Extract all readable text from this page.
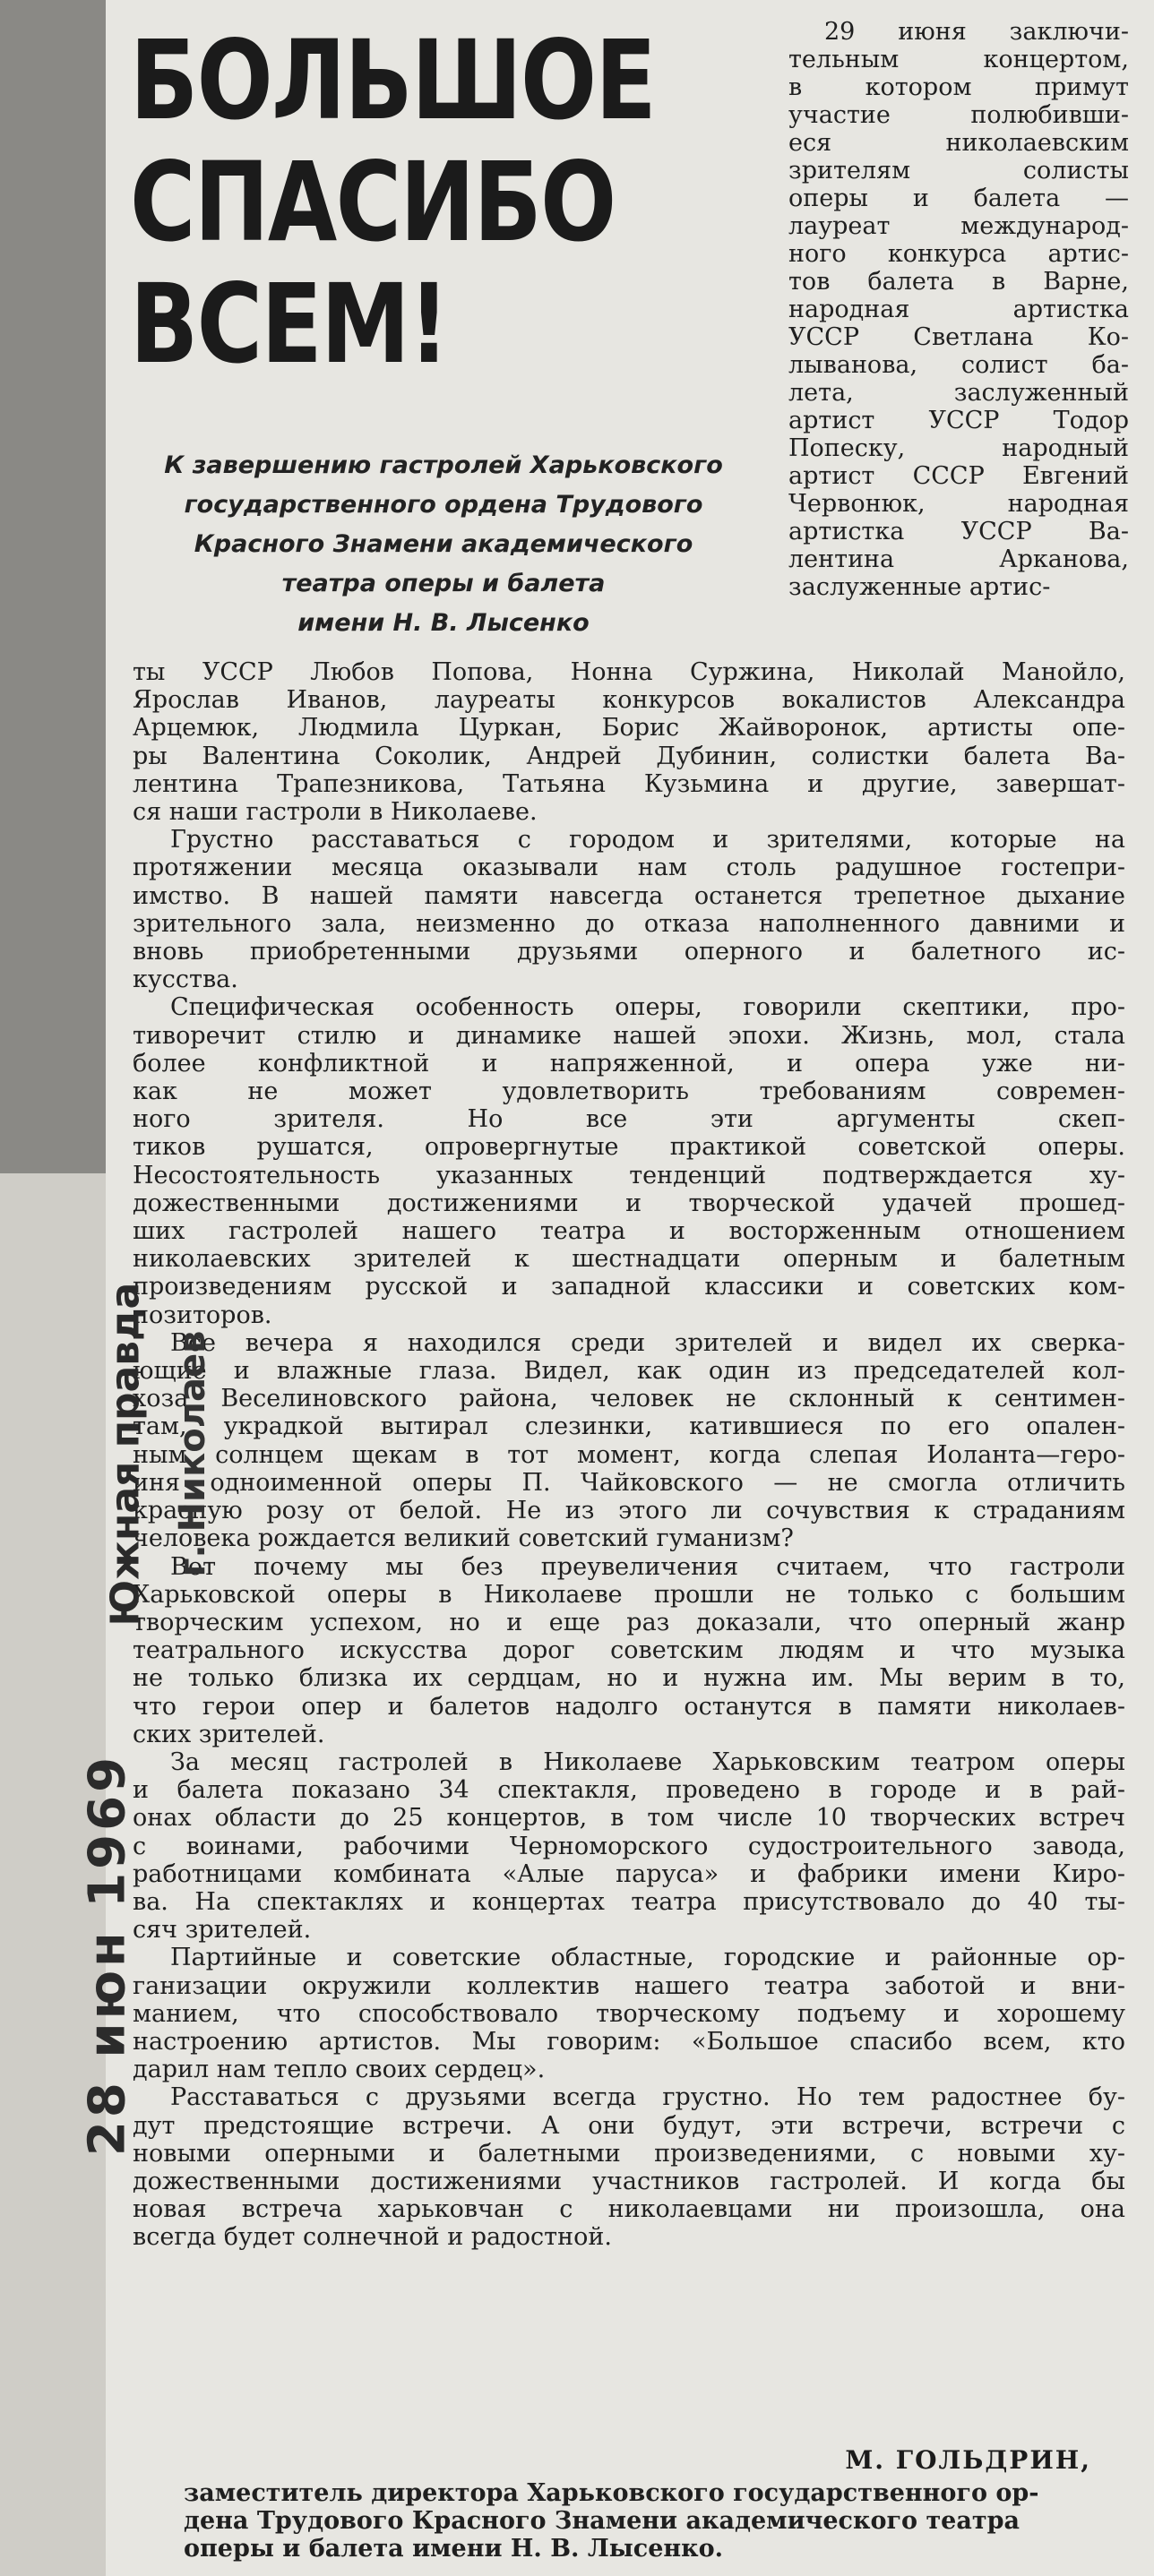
БОЛЬШОЕ
СПАСИБО
ВСЕМ!
К завершению гастролей Харьковского
государственного ордена Трудового
Красного Знамени академического
театра оперы и балета
имени Н. В. Лысенко
29 июня заключи-
тельным концертом,
в котором примут
участие полюбивши-
еся николаевским
зрителям солисты
оперы и балета —
лауреат международ-
ного конкурса артис-
тов балета в Варне,
народная артистка
УССР Светлана Ко-
лыванова, солист ба-
лета, заслуженный
артист УССР Тодор
Попеску, народный
артист СССР Евгений
Червонюк, народная
артистка УССР Ва-
лентина Арканова,
заслуженные артис-
ты УССР Любов Попова, Нонна Суржина, Николай Манойло,
Ярослав Иванов, лауреаты конкурсов вокалистов Александра
Арцемюк, Людмила Цуркан, Борис Жайворонок, артисты опе-
ры Валентина Соколик, Андрей Дубинин, солистки балета Ва-
лентина Трапезникова, Татьяна Кузьмина и другие, завершат-
ся наши гастроли в Николаеве.
Грустно расставаться с городом и зрителями, которые на
протяжении месяца оказывали нам столь радушное гостепри-
имство. В нашей памяти навсегда останется трепетное дыхание
зрительного зала, неизменно до отказа наполненного давними и
вновь приобретенными друзьями оперного и балетного ис-
кусства.
Специфическая особенность оперы, говорили скептики, про-
тиворечит стилю и динамике нашей эпохи. Жизнь, мол, стала
более конфликтной и напряженной, и опера уже ни-
как не может удовлетворить требованиям современ-
ного зрителя. Но все эти аргументы скеп-
тиков рушатся, опровергнутые практикой советской оперы.
Несостоятельность указанных тенденций подтверждается ху-
дожественными достижениями и творческой удачей прошед-
ших гастролей нашего театра и восторженным отношением
николаевских зрителей к шестнадцати оперным и балетным
произведениям русской и западной классики и советских ком-
позиторов.
Все вечера я находился среди зрителей и видел их сверка-
ющие и влажные глаза. Видел, как один из председателей кол-
хоза Веселиновского района, человек не склонный к сентимен-
там, украдкой вытирал слезинки, катившиеся по его опален-
ным солнцем щекам в тот момент, когда слепая Иоланта—геро-
иня одноименной оперы П. Чайковского — не смогла отличить
красную розу от белой. Не из этого ли сочувствия к страданиям
человека рождается великий советский гуманизм?
Вот почему мы без преувеличения считаем, что гастроли
Харьковской оперы в Николаеве прошли не только с большим
творческим успехом, но и еще раз доказали, что оперный жанр
театрального искусства дорог советским людям и что музыка
не только близка их сердцам, но и нужна им. Мы верим в то,
что герои опер и балетов надолго останутся в памяти николаев-
ских зрителей.
За месяц гастролей в Николаеве Харьковским театром оперы
и балета показано 34 спектакля, проведено в городе и в рай-
онах области до 25 концертов, в том числе 10 творческих встреч
с воинами, рабочими Черноморского судостроительного завода,
работницами комбината «Алые паруса» и фабрики имени Киро-
ва. На спектаклях и концертах театра присутствовало до 40 ты-
сяч зрителей.
Партийные и советские областные, городские и районные ор-
ганизации окружили коллектив нашего театра заботой и вни-
манием, что способствовало творческому подъему и хорошему
настроению артистов. Мы говорим: «Большое спасибо всем, кто
дарил нам тепло своих сердец».
Расставаться с друзьями всегда грустно. Но тем радостнее бу-
дут предстоящие встречи. А они будут, эти встречи, встречи с
новыми оперными и балетными произведениями, с новыми ху-
дожественными достижениями участников гастролей. И когда бы
новая встреча харьковчан с николаевцами ни произошла, она
всегда будет солнечной и радостной.
М. ГОЛЬДРИН,
заместитель директора Харьковского государственного ор-
дена Трудового Красного Знамени академического театра
оперы и балета имени Н. В. Лысенко.
Южная правда г. Николаев
28 июн 1969
